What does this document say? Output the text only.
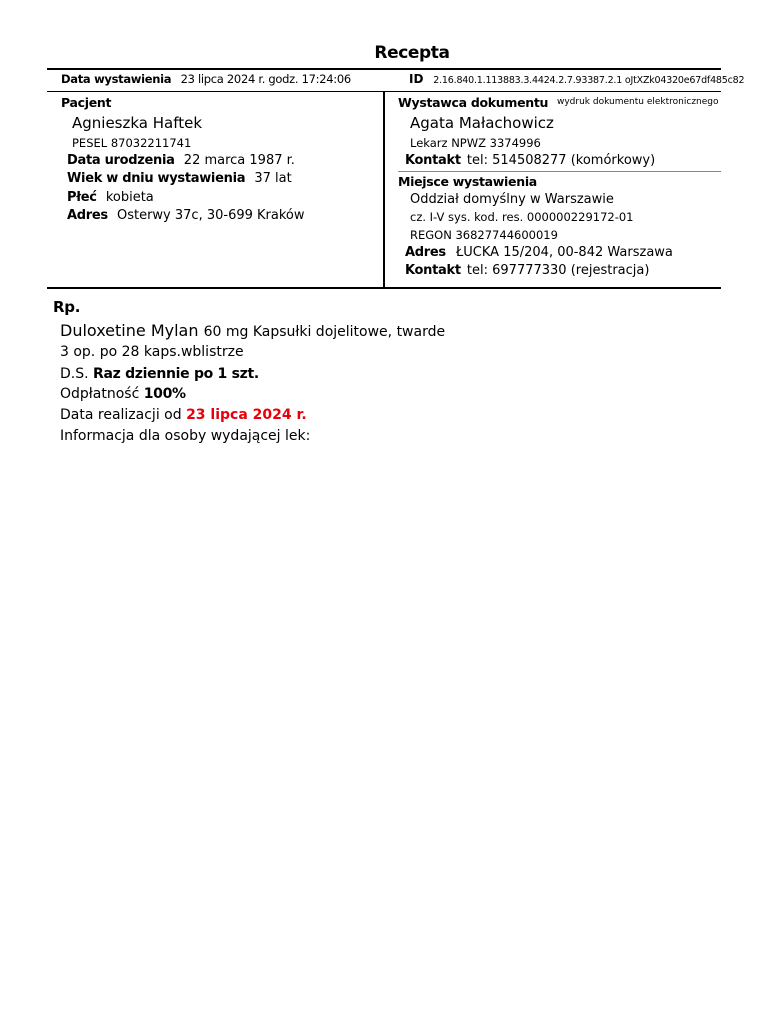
Recepta
Data wystawienia 23 lipca 2024 r. godz. 17:24:06	ID 2.16.840.1.113883.3.4424.2.7.93387.2.1 oJtXZk04320e67df485c82
Pacjent
Agnieszka Haftek
PESEL 87032211741
Data urodzenia 22 marca 1987 r.
Wiek w dniu wystawienia 37 lat
Płeć kobieta
Adres Osterwy 37c, 30-699 Kraków
Wystawca dokumentu wydruk dokumentu elektronicznego
Agata Małachowicz
Lekarz NPWZ 3374996
Kontakt tel: 514508277 (komórkowy)
Miejsce wystawienia
Oddział domyślny w Warszawie
cz. I-V sys. kod. res. 000000229172-01
REGON 36827744600019
Adres ŁUCKA 15/204, 00-842 Warszawa
Kontakt tel: 697777330 (rejestracja)
Rp.
Duloxetine Mylan 60 mg Kapsułki dojelitowe, twarde
3 op. po 28 kaps.wblistrze
D.S. Raz dziennie po 1 szt.
Odpłatność 100%
Data realizacji od 23 lipca 2024 r.
Informacja dla osoby wydającej lek:
